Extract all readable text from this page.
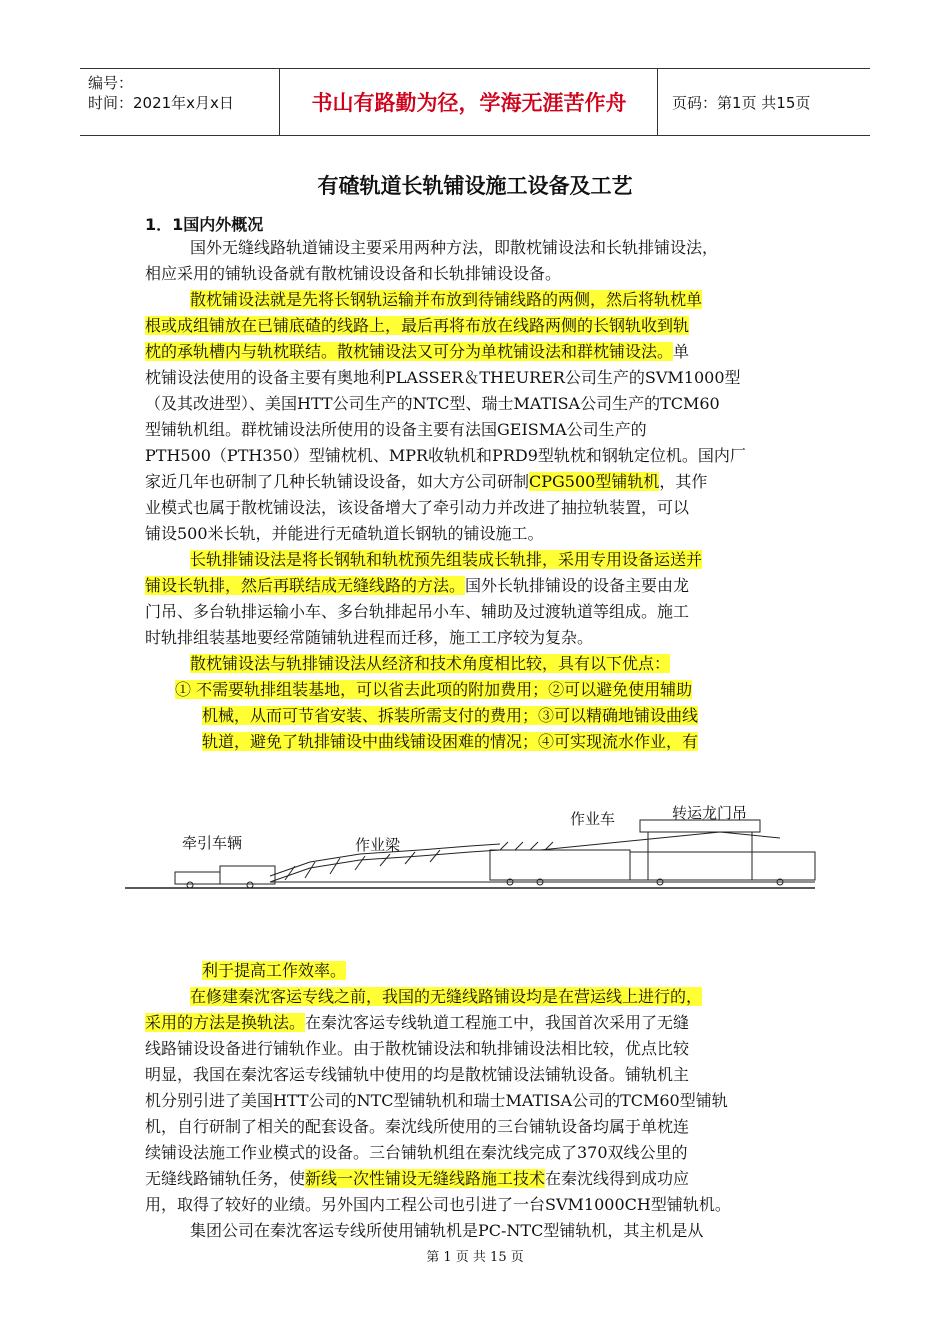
编号：
时间：2021年x月x日	书山有路勤为径，学海无涯苦作舟	页码：第1页 共15页
有碴轨道长轨铺设施工设备及工艺
1．1国内外概况
国外无缝线路轨道铺设主要采用两种方法，即散枕铺设法和长轨排铺设法，
相应采用的铺轨设备就有散枕铺设设备和长轨排铺设设备。
散枕铺设法就是先将长钢轨运输并布放到待铺线路的两侧，然后将轨枕单
根或成组铺放在已铺底碴的线路上，最后再将布放在线路两侧的长钢轨收到轨
枕的承轨槽内与轨枕联结。散枕铺设法又可分为单枕铺设法和群枕铺设法。单
枕铺设法使用的设备主要有奥地利PLASSER＆THEURER公司生产的SVM1000型
（及其改进型）、美国HTT公司生产的NTC型、瑞士MATISA公司生产的TCM60
型铺轨机组。群枕铺设法所使用的设备主要有法国GEISMA公司生产的
PTH500（PTH350）型铺枕机、MPR收轨机和PRD9型轨枕和钢轨定位机。国内厂
家近几年也研制了几种长轨铺设设备，如大方公司研制CPG500型铺轨机，其作
业模式也属于散枕铺设法，该设备增大了牵引动力并改进了抽拉轨装置，可以
铺设500米长轨，并能进行无碴轨道长钢轨的铺设施工。
长轨排铺设法是将长钢轨和轨枕预先组装成长轨排，采用专用设备运送并
铺设长轨排，然后再联结成无缝线路的方法。国外长轨排铺设的设备主要由龙
门吊、多台轨排运输小车、多台轨排起吊小车、辅助及过渡轨道等组成。施工
时轨排组装基地要经常随铺轨进程而迁移，施工工序较为复杂。
散枕铺设法与轨排铺设法从经济和技术角度相比较，具有以下优点：
① 不需要轨排组装基地，可以省去此项的附加费用；②可以避免使用辅助
机械，从而可节省安装、拆装所需支付的费用；③可以精确地铺设曲线
轨道，避免了轨排铺设中曲线铺设困难的情况；④可实现流水作业，有
牵引车辆	作业梁
作业车	转运龙门吊
利于提高工作效率。
在修建秦沈客运专线之前，我国的无缝线路铺设均是在营运线上进行的，
采用的方法是换轨法。在秦沈客运专线轨道工程施工中，我国首次采用了无缝
线路铺设设备进行铺轨作业。由于散枕铺设法和轨排铺设法相比较，优点比较
明显，我国在秦沈客运专线铺轨中使用的均是散枕铺设法铺轨设备。铺轨机主
机分别引进了美国HTT公司的NTC型铺轨机和瑞士MATISA公司的TCM60型铺轨
机，自行研制了相关的配套设备。秦沈线所使用的三台铺轨设备均属于单枕连
续铺设法施工作业模式的设备。三台铺轨机组在秦沈线完成了370双线公里的
无缝线路铺轨任务，使新线一次性铺设无缝线路施工技术在秦沈线得到成功应
用，取得了较好的业绩。另外国内工程公司也引进了一台SVM1000CH型铺轨机。
集团公司在秦沈客运专线所使用铺轨机是PC-NTC型铺轨机，其主机是从
第 1 页 共 15 页
